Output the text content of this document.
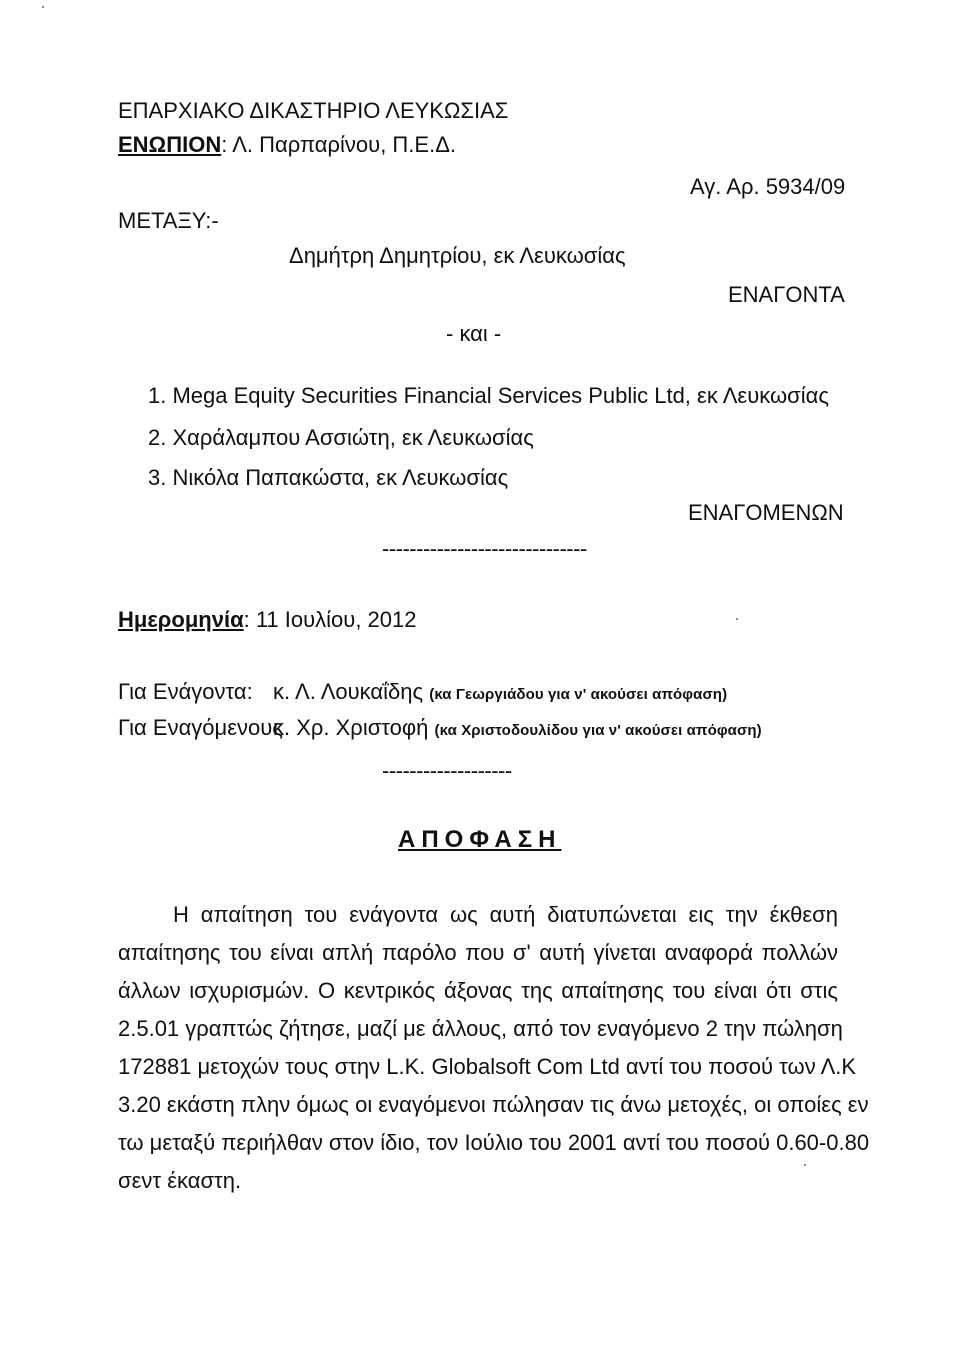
ΕΠΑΡΧΙΑΚΟ ΔΙΚΑΣΤΗΡΙΟ ΛΕΥΚΩΣΙΑΣ
ΕΝΩΠΙΟΝ: Λ. Παρπαρίνου, Π.Ε.Δ.
Αγ. Αρ. 5934/09
ΜΕΤΑΞΥ:-
Δημήτρη Δημητρίου, εκ Λευκωσίας
ΕΝΑΓΟΝΤΑ
- και -
1. Mega Equity Securities Financial Services Public Ltd, εκ Λευκωσίας
2. Χαράλαμπου Ασσιώτη, εκ Λευκωσίας
3. Νικόλα Παπακώστα, εκ Λευκωσίας
ΕΝΑΓΟΜΕΝΩΝ
------------------------------
Ημερομηνία: 11 Ιουλίου, 2012
Για Ενάγοντα: κ. Λ. Λουκαΐδης (κα Γεωργιάδου για ν' ακούσει απόφαση)
Για Εναγόμενους
κ. Χρ. Χριστοφή (κα Χριστοδουλίδου για ν' ακούσει απόφαση)
-------------------
ΑΠΟΦΑΣΗ
Η απαίτηση του ενάγοντα ως αυτή διατυπώνεται εις την έκθεση
απαίτησης του είναι απλή παρόλο που σ' αυτή γίνεται αναφορά πολλών
άλλων ισχυρισμών. Ο κεντρικός άξονας της απαίτησης του είναι ότι στις
2.5.01 γραπτώς ζήτησε, μαζί με άλλους, από τον εναγόμενο 2 την πώληση
172881 μετοχών τους στην L.K. Globalsoft Com Ltd αντί του ποσού των Λ.Κ
3.20 εκάστη πλην όμως οι εναγόμενοι πώλησαν τις άνω μετοχές, οι οποίες εν
τω μεταξύ περιήλθαν στον ίδιο, τον Ιούλιο του 2001 αντί του ποσού 0.60-0.80
σεντ έκαστη.
